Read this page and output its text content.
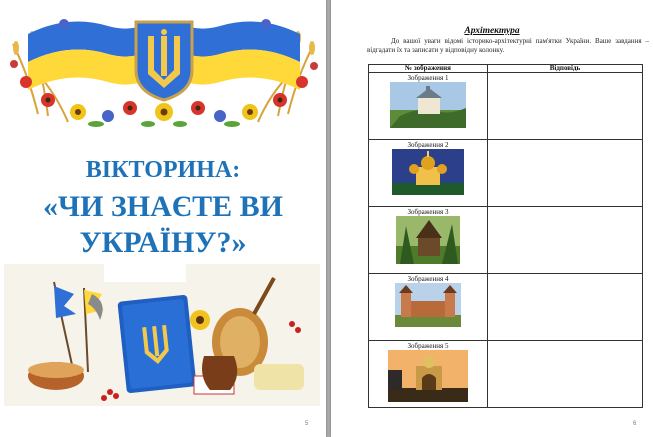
ВІКТОРИНА:
«ЧИ ЗНАЄТЕ ВИ
УКРАЇНУ?»
5
Архітектура
До вашої уваги відомі історико-архітектурні пам'ятки України. Ваше завдання – відгадати їх та записати у відповідну колонку.
№ зображення	Відповідь

Зображення 1	

Зображення 2	

Зображення 3	

Зображення 4	

Зображення 5	

6
